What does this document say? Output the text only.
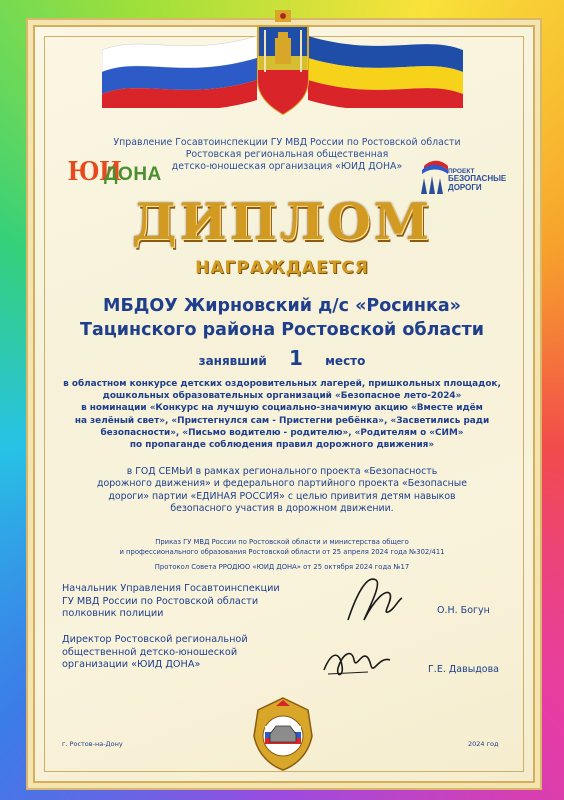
Управление Госавтоинспекции ГУ МВД России по Ростовской области
Ростовская региональная общественная
детско-юношеская организация «ЮИД ДОНА»
ЮИ
ДОНА	ПРОЕКТ
БЕЗОПАСНЫЕ
ДОРОГИ
ДИПЛОМ
НАГРАЖДАЕТСЯ
МБДОУ Жирновский д/с «Росинка»
Тацинского района Ростовской области
занявший 1 место
в областном конкурсе детских оздоровительных лагерей, пришкольных площадок,
дошкольных образовательных организаций «Безопасное лето-2024»
в номинации «Конкурс на лучшую социально-значимую акцию «Вместе идём
на зелёный свет», «Пристегнулся сам - Пристегни ребёнка», «Засветились ради
безопасности», «Письмо водителю - родителю», «Родителям о «СИМ»
по пропаганде соблюдения правил дорожного движения»
в ГОД СЕМЬИ в рамках регионального проекта «Безопасность
дорожного движения» и федерального партийного проекта «Безопасные
дороги» партии «ЕДИНАЯ РОССИЯ» с целью привития детям навыков
безопасного участия в дорожном движении.
Приказ ГУ МВД России по Ростовской области и министерства общего
и профессионального образования Ростовской области от 25 апреля 2024 года №302/411
Протокол Совета РРОДЮО «ЮИД ДОНА» от 25 октября 2024 года №17
Начальник Управления Госавтоинспекции
ГУ МВД России по Ростовской области
полковник полиции	О.Н. Богун
Директор Ростовской региональной
общественной детско-юношеской
организации «ЮИД ДОНА»	Г.Е. Давыдова
г. Ростов-на-Дону	2024 год
